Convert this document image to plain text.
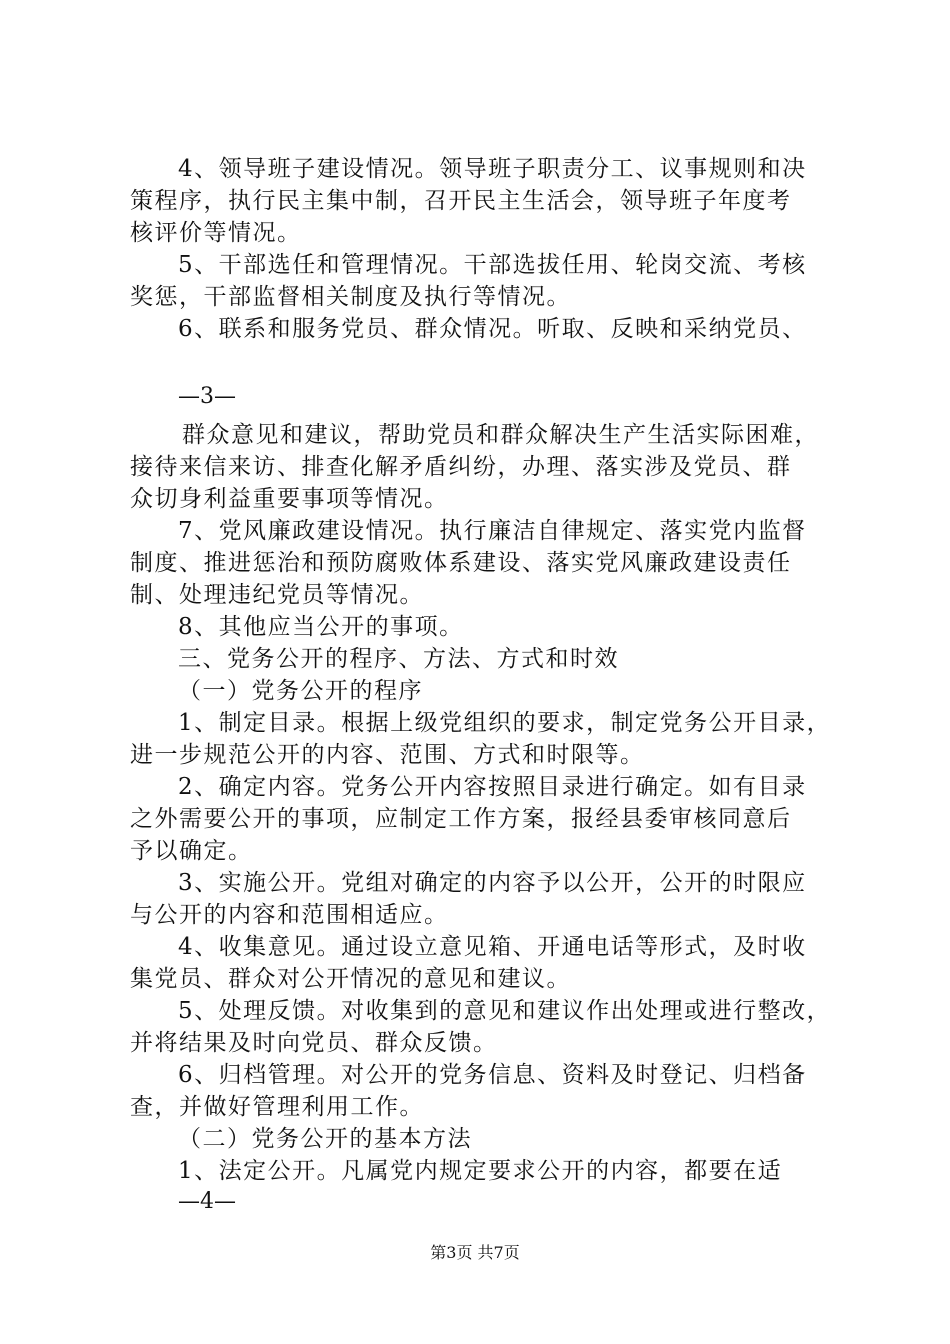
4、领导班子建设情况。领导班子职责分工、议事规则和决
策程序，执行民主集中制，召开民主生活会，领导班子年度考
核评价等情况。
5、干部选任和管理情况。干部选拔任用、轮岗交流、考核
奖惩，干部监督相关制度及执行等情况。
6、联系和服务党员、群众情况。听取、反映和采纳党员、
—3—
群众意见和建议，帮助党员和群众解决生产生活实际困难，
接待来信来访、排查化解矛盾纠纷，办理、落实涉及党员、群
众切身利益重要事项等情况。
7、党风廉政建设情况。执行廉洁自律规定、落实党内监督
制度、推进惩治和预防腐败体系建设、落实党风廉政建设责任
制、处理违纪党员等情况。
8、其他应当公开的事项。
三、党务公开的程序、方法、方式和时效
（一）党务公开的程序
1、制定目录。根据上级党组织的要求，制定党务公开目录，
进一步规范公开的内容、范围、方式和时限等。
2、确定内容。党务公开内容按照目录进行确定。如有目录
之外需要公开的事项，应制定工作方案，报经县委审核同意后
予以确定。
3、实施公开。党组对确定的内容予以公开，公开的时限应
与公开的内容和范围相适应。
4、收集意见。通过设立意见箱、开通电话等形式，及时收
集党员、群众对公开情况的意见和建议。
5、处理反馈。对收集到的意见和建议作出处理或进行整改，
并将结果及时向党员、群众反馈。
6、归档管理。对公开的党务信息、资料及时登记、归档备
查，并做好管理利用工作。
（二）党务公开的基本方法
1、法定公开。凡属党内规定要求公开的内容，都要在适
—4—
第3页 共7页
